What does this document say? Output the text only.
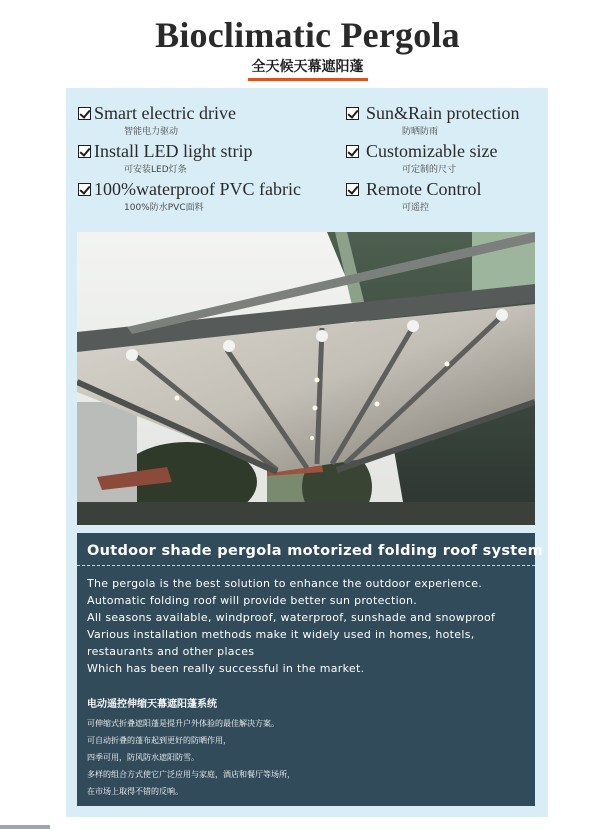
Bioclimatic Pergola
全天候天幕遮阳蓬
Smart electric drive
智能电力驱动
Install LED light strip
可安装LED灯条
100%waterproof PVC fabric
100%防水PVC面料
Sun&Rain protection
防晒防雨
Customizable size
可定制的尺寸
Remote Control
可遥控
Outdoor shade pergola motorized folding roof system
The pergola is the best solution to enhance the outdoor experience.
Automatic folding roof will provide better sun protection.
All seasons available, windproof, waterproof, sunshade and snowproof
Various installation methods make it widely used in homes, hotels,
restaurants and other places
Which has been really successful in the market.
电动遥控伸缩天幕遮阳蓬系统
可伸缩式折叠遮阳蓬是提升户外体验的最佳解决方案。
可自动折叠的蓬布起到更好的防晒作用，
四季可用，防风防水遮阳防雪。
多样的组合方式使它广泛应用与家庭，酒店和餐厅等场所，
在市场上取得不错的反响。
